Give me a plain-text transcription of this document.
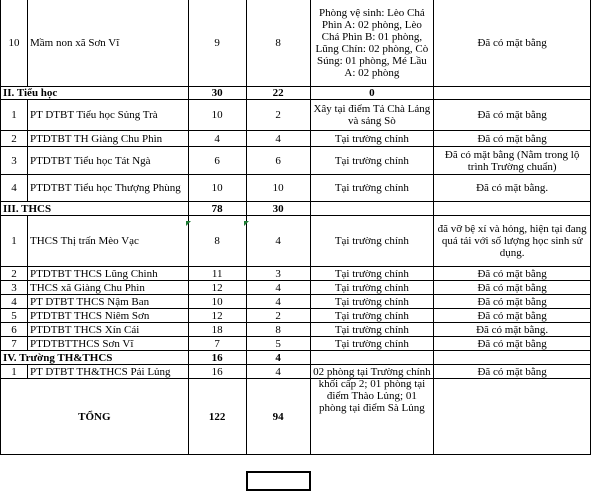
10	Mầm non xã Sơn Vĩ	9	8	Phòng vệ sinh: Lèo Chá Phìn A: 02 phòng, Lèo Chá Phìn B: 01 phòng, Lũng Chín: 02 phòng, Cò Súng: 01 phòng, Mé Lầu A: 02 phòng	Đã có mặt bằng
II. Tiểu học		30	22	0	
1	PT DTBT Tiểu học Sủng Trà	10	2	Xây tại điểm Tả Chà Lảng và sảng Sò	Đã có mặt bằng
2	PTDTBT TH Giàng Chu Phìn	4	4	Tại trường chính	Đã có mặt bằng
3	PTDTBT Tiểu học Tát Ngà	6	6	Tại trường chính	Đã có mặt bằng (Nằm trong lộ trình Trường chuẩn)
4	PTDTBT Tiểu học Thượng Phùng	10	10	Tại trường chính	Đã có mặt bằng.
III. THCS		78	30		
1	THCS Thị trấn Mèo Vạc	8	4	Tại trường chính	đã vỡ bệ xí và hỏng, hiện tại đang quá tải với số lượng học sinh sử dụng.
2	PTDTBT THCS Lũng Chinh	11	3	Tại trường chính	Đã có mặt bằng
3	THCS xã Giàng Chu Phìn	12	4	Tại trường chính	Đã có mặt bằng
4	PT DTBT THCS Nậm Ban	10	4	Tại trường chính	Đã có mặt bằng
5	PTDTBT THCS Niêm Sơn	12	2	Tại trường chính	Đã có mặt bằng
6	PTDTBT THCS Xín Cái	18	8	Tại trường chính	Đã có mặt bằng.
7	PTDTBTTHCS Sơn Vĩ	7	5	Tại trường chính	Đã có mặt bằng
IV. Trường TH&THCS		16	4		
1	PT DTBT TH&THCS Pải Lủng	16	4	02 phòng tại Trường chính khối cấp 2; 01 phòng tại điểm Thào Lủng; 01 phòng tại điểm Sà Lủng	Đã có mặt bằng
TỔNG		122	94		
